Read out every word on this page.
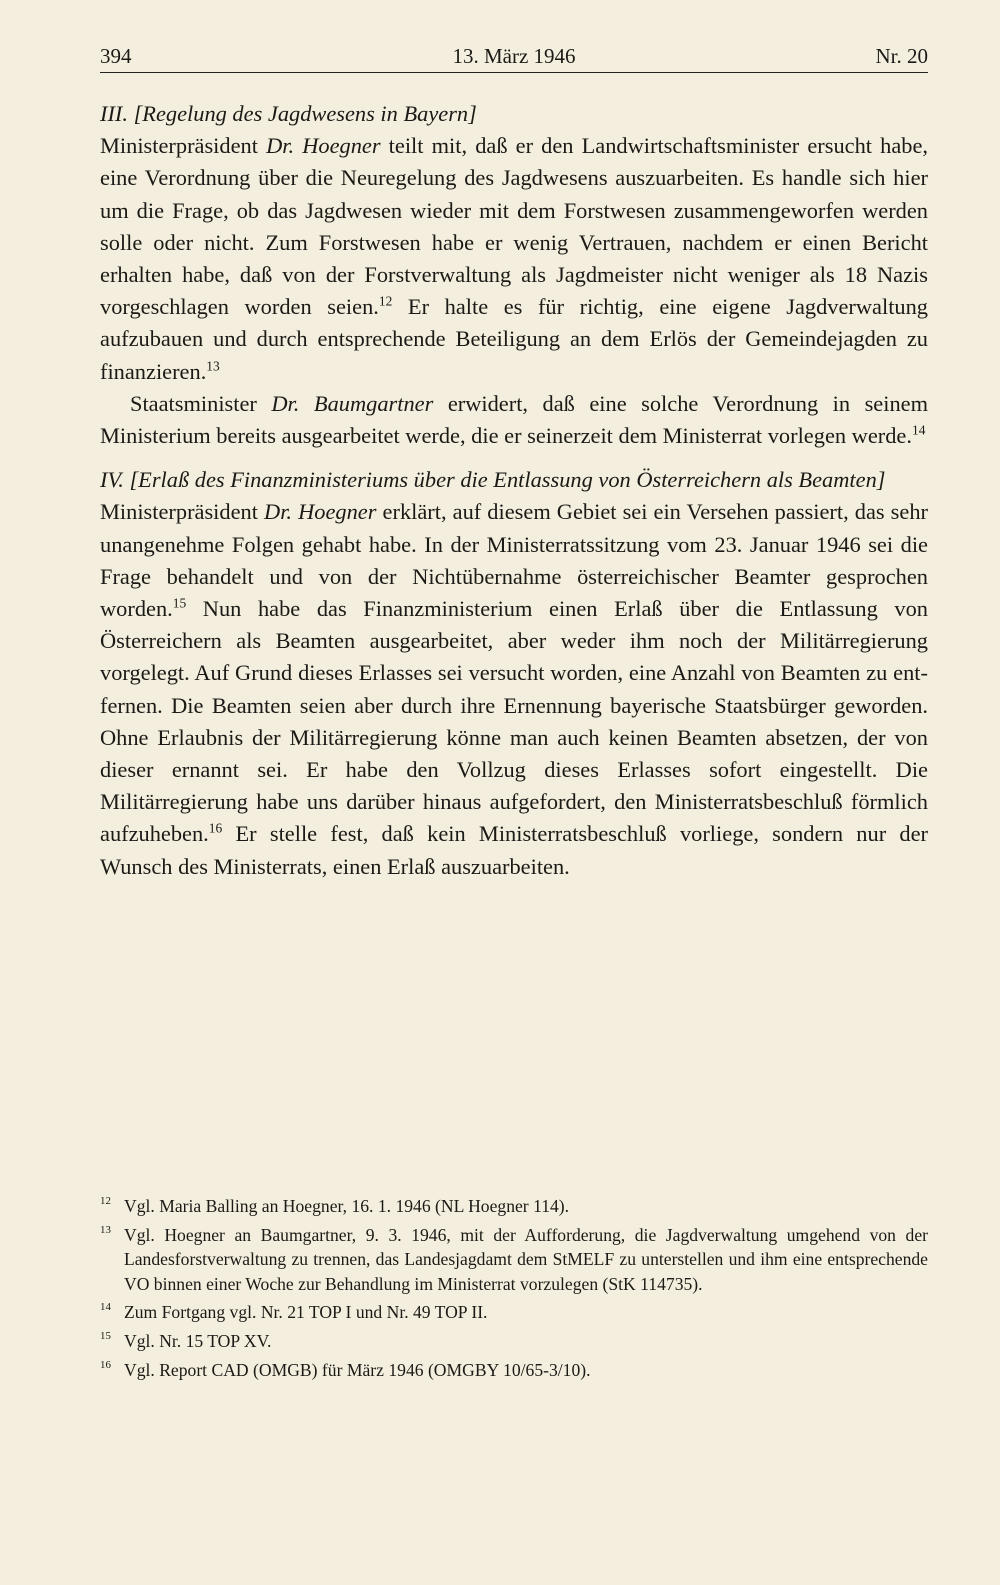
394	13. März 1946	Nr. 20

III. [Regelung des Jagdwesens in Bayern]

Ministerpräsident Dr. Hoegner teilt mit, daß er den Landwirtschaftsminister ersucht habe, eine Verordnung über die Neuregelung des Jagdwesens auszuarbeiten. Es handle sich hier um die Frage, ob das Jagdwesen wieder mit dem Forstwesen zusammengeworfen werden solle oder nicht. Zum Forstwesen habe er wenig Vertrauen, nachdem er einen Bericht erhalten habe, daß von der Forstverwaltung als Jagdmeister nicht weniger als 18 Nazis vorgeschlagen worden seien.$^{12}$ Er halte es für richtig, eine eigene Jagdverwaltung aufzubauen und durch entsprechende Beteiligung an dem Erlös der Gemeindejagden zu finanzieren.$^{13}$

Staatsminister Dr. Baumgartner erwidert, daß eine solche Verordnung in seinem Ministerium bereits ausgearbeitet werde, die er seinerzeit dem Ministerrat vorlegen werde.$^{14}$

IV. [Erlaß des Finanzministeriums über die Entlassung von Österreichern als Beamten]

Ministerpräsident Dr. Hoegner erklärt, auf diesem Gebiet sei ein Versehen passiert, das sehr unangenehme Folgen gehabt habe. In der Ministerratssitzung vom 23. Januar 1946 sei die Frage behandelt und von der Nichtübernahme österreichischer Beamter gesprochen worden.$^{15}$ Nun habe das Finanzministerium einen Erlaß über die Entlassung von Österreichern als Beamten ausgearbeitet, aber weder ihm noch der Militärregierung vorgelegt. Auf Grund dieses Erlasses sei versucht worden, eine Anzahl von Beamten zu entfernen. Die Beamten seien aber durch ihre Ernennung bayerische Staatsbürger geworden. Ohne Erlaubnis der Militärregierung könne man auch keinen Beamten absetzen, der von dieser ernannt sei. Er habe den Vollzug dieses Erlasses sofort eingestellt. Die Militärregierung habe uns darüber hinaus aufgefordert, den Ministerratsbeschluß förmlich aufzuheben.$^{16}$ Er stelle fest, daß kein Ministerratsbeschluß vorliege, sondern nur der Wunsch des Ministerrats, einen Erlaß auszuarbeiten.

12 Vgl. Maria Balling an Hoegner, 16. 1. 1946 (NL Hoegner 114).
13 Vgl. Hoegner an Baumgartner, 9. 3. 1946, mit der Aufforderung, die Jagdverwaltung umgehend von der Landesforstverwaltung zu trennen, das Landesjagdamt dem StMELF zu unterstellen und ihm eine entsprechende VO binnen einer Woche zur Behandlung im Ministerrat vorzulegen (StK 114735).
14 Zum Fortgang vgl. Nr. 21 TOP I und Nr. 49 TOP II.
15 Vgl. Nr. 15 TOP XV.
16 Vgl. Report CAD (OMGB) für März 1946 (OMGBY 10/65-3/10).
